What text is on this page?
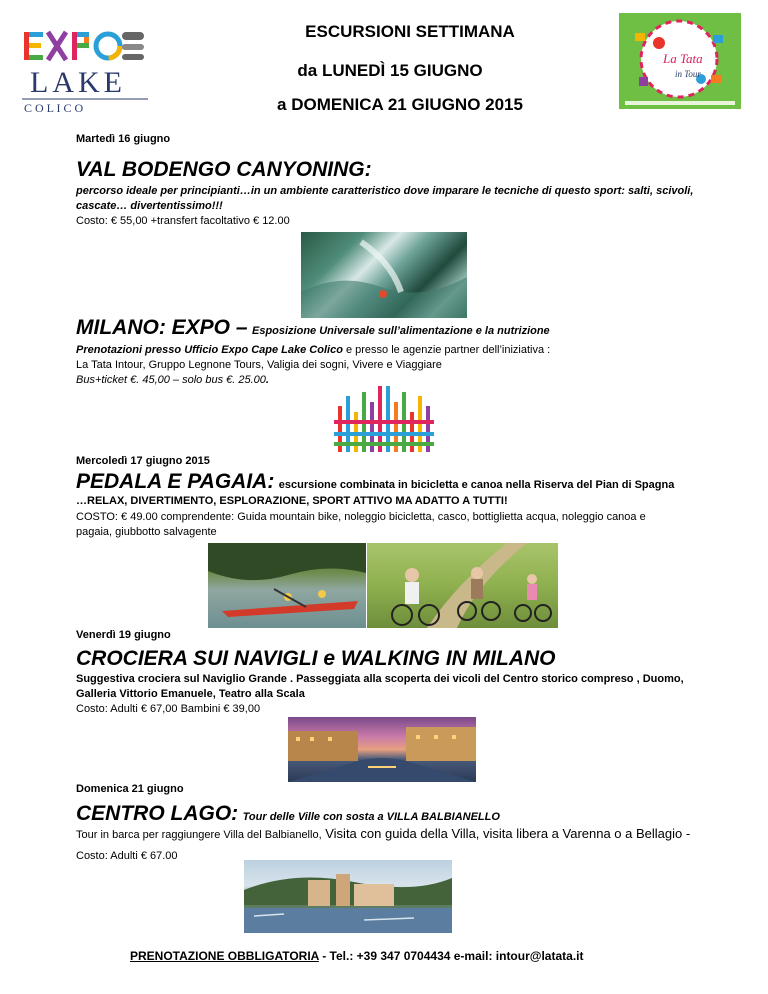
LAKE
C O L I C O
ESCURSIONI SETTIMANA
da LUNEDÌ 15 GIUGNO
a DOMENICA 21 GIUGNO 2015
La Tata
in Tour
Martedì 16 giugno
VAL BODENGO CANYONING:
percorso ideale per principianti…in un ambiente caratteristico dove imparare le tecniche di questo sport: salti, scivoli, cascate… divertentissimo!!!
Costo: € 55,00 +transfert facoltativo € 12.00
MILANO: EXPO – Esposizione Universale sull’alimentazione e la nutrizione
Prenotazioni presso Ufficio Expo Cape Lake Colico e presso le agenzie partner dell’iniziativa :
La Tata Intour, Gruppo Legnone Tours, Valigia dei sogni, Vivere e Viaggiare
Bus+ticket €. 45,00 – solo bus €. 25.00.
Mercoledì 17 giugno 2015
PEDALA E PAGAIA: escursione combinata in bicicletta e canoa nella Riserva del Pian di Spagna
…RELAX, DIVERTIMENTO, ESPLORAZIONE, SPORT ATTIVO MA ADATTO A TUTTI!
COSTO: € 49.00 comprendente: Guida mountain bike, noleggio bicicletta, casco, bottiglietta acqua, noleggio canoa e pagaia, giubbotto salvagente
Venerdì 19 giugno
CROCIERA SUI NAVIGLI e WALKING IN MILANO
Suggestiva crociera sul Naviglio Grande . Passeggiata alla scoperta dei vicoli del Centro storico compreso , Duomo, Galleria Vittorio Emanuele, Teatro alla Scala
Costo: Adulti € 67,00 Bambini € 39,00
Domenica 21 giugno
CENTRO LAGO: Tour delle Ville con sosta a VILLA BALBIANELLO
Tour in barca per raggiungere Villa del Balbianello, Visita con guida della Villa, visita libera a Varenna o a Bellagio - Costo: Adulti € 67.00
PRENOTAZIONE OBBLIGATORIA - Tel.: +39 347 0704434 e-mail: intour@latata.it
